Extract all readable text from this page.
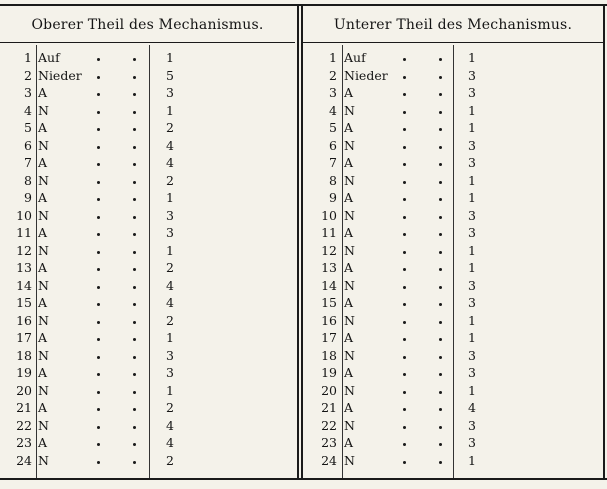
Oberer Theil des Mechanismus.
1 Auf	1
2 Nieder	5
3 A	3
4 N	1
5 A	2
6 N	4
7 A	4
8 N	2
9 A	1
10 N	3
11 A	3
12 N	1
13 A	2
14 N	4
15 A	4
16 N	2
17 A	1
18 N	3
19 A	3
20 N	1
21 A	2
22 N	4
23 A	4
24 N	2
Unterer Theil des Mechanismus.
1 Auf	1
2 Nieder	3
3 A	3
4 N	1
5 A	1
6 N	3
7 A	3
8 N	1
9 A	1
10 N	3
11 A	3
12 N	1
13 A	1
14 N	3
15 A	3
16 N	1
17 A	1
18 N	3
19 A	3
20 N	1
21 A	4
22 N	3
23 A	3
24 N	1
